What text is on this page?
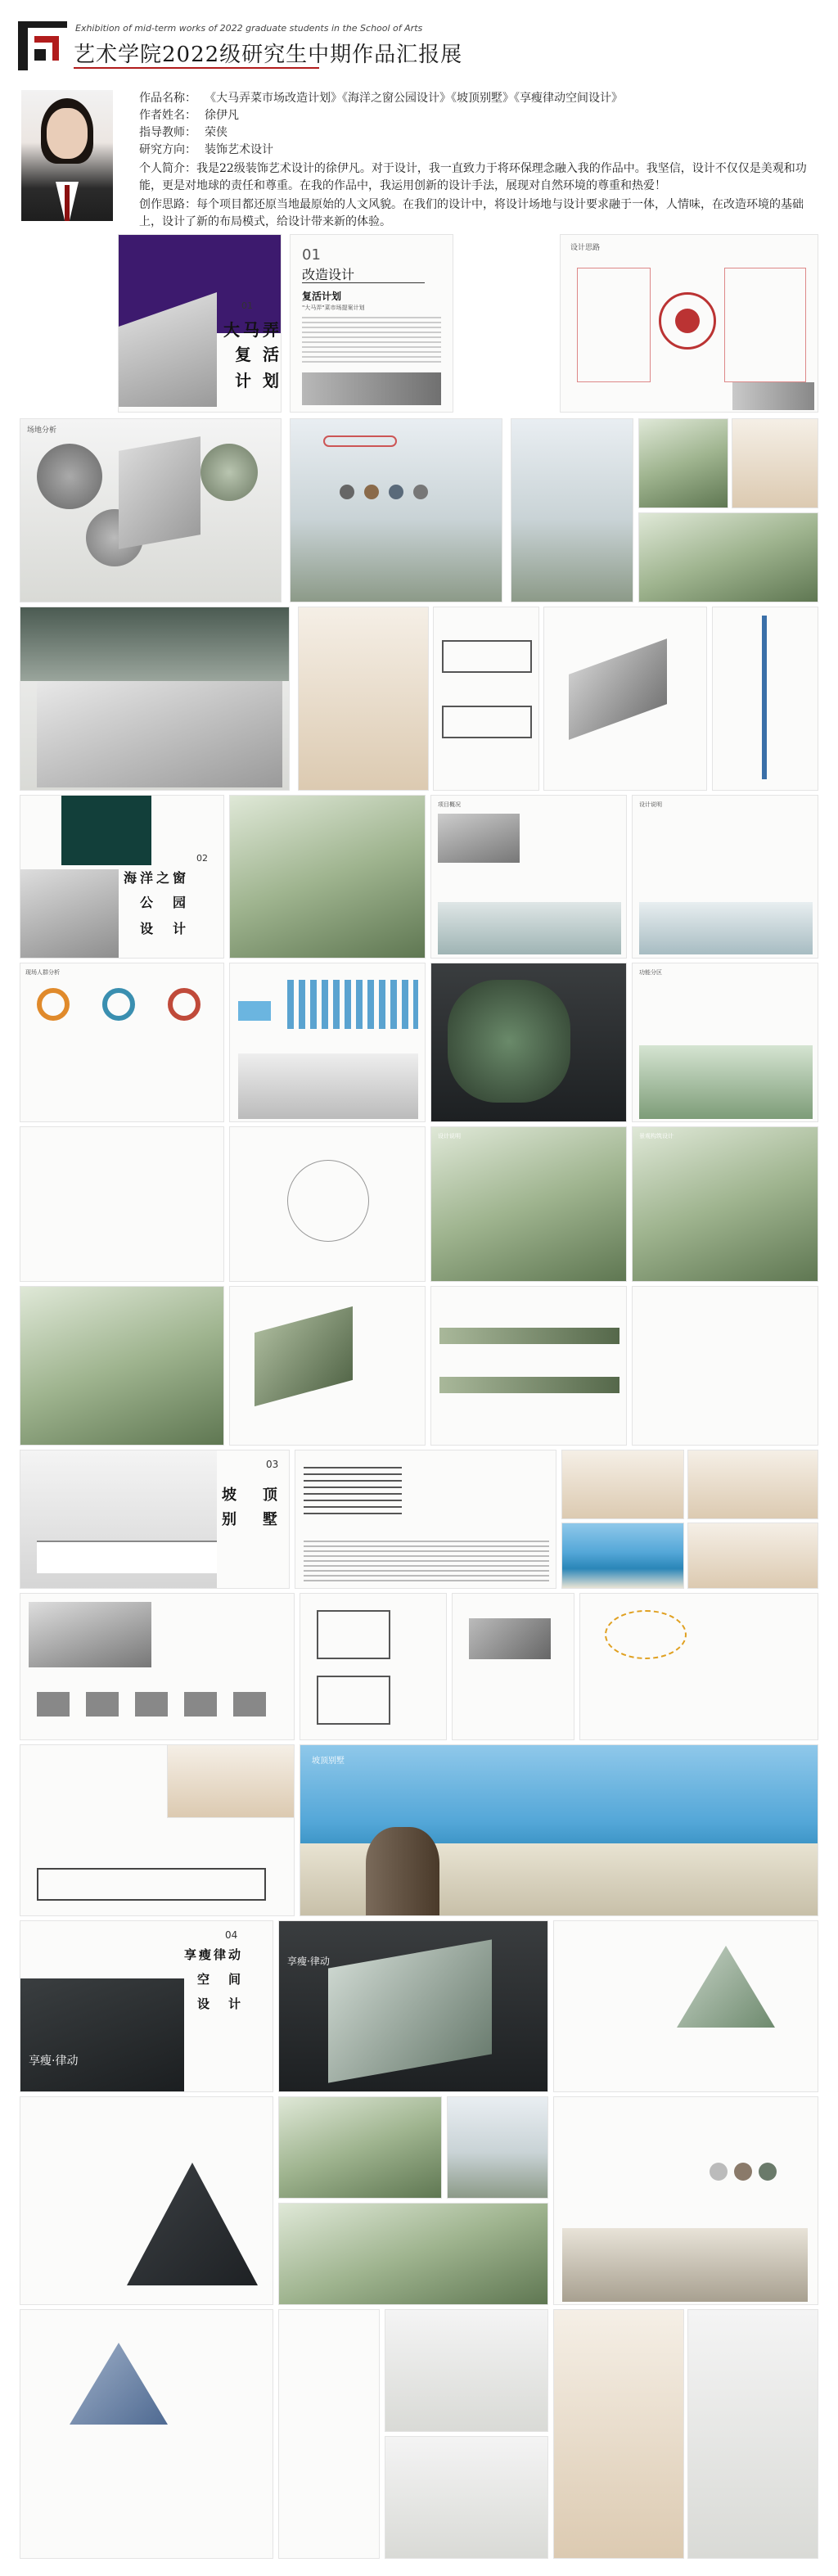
Exhibition of mid-term works of 2022 graduate students in the School of Arts
艺术学院2022级研究生中期作品汇报展
作品名称： 《大马弄菜市场改造计划》《海洋之窗公园设计》《坡顶别墅》《享瘦律动空间设计》
作者姓名： 徐伊凡
指导教师： 荣侠
研究方向： 装饰艺术设计
个人简介：我是22级装饰艺术设计的徐伊凡。对于设计，我一直致力于将环保理念融入我的作品中。我坚信，设计不仅仅是美观和功能，更是对地球的责任和尊重。在我的作品中，我运用创新的设计手法，展现对自然环境的尊重和热爱！
创作思路：每个项目都还原当地最原始的人文风貌。在我们的设计中，将设计场地与设计要求融于一体，人情味，在改造环境的基础上，设计了新的布局模式，给设计带来新的体验。
01
大 马 弄
复 活
计 划
01
改造设计
复活计划
"大马弄"菜市场提案计划
设计思路
场地分析
02
海 洋 之 窗
公 园
设 计
项目概况	设计说明
现场人群分析	功能分区
设计说明	景观构筑设计
03
坡 顶
别 墅
坡顶别墅
享瘦·律动
04
享 瘦 律 动
空 间
设 计
享瘦·律动
